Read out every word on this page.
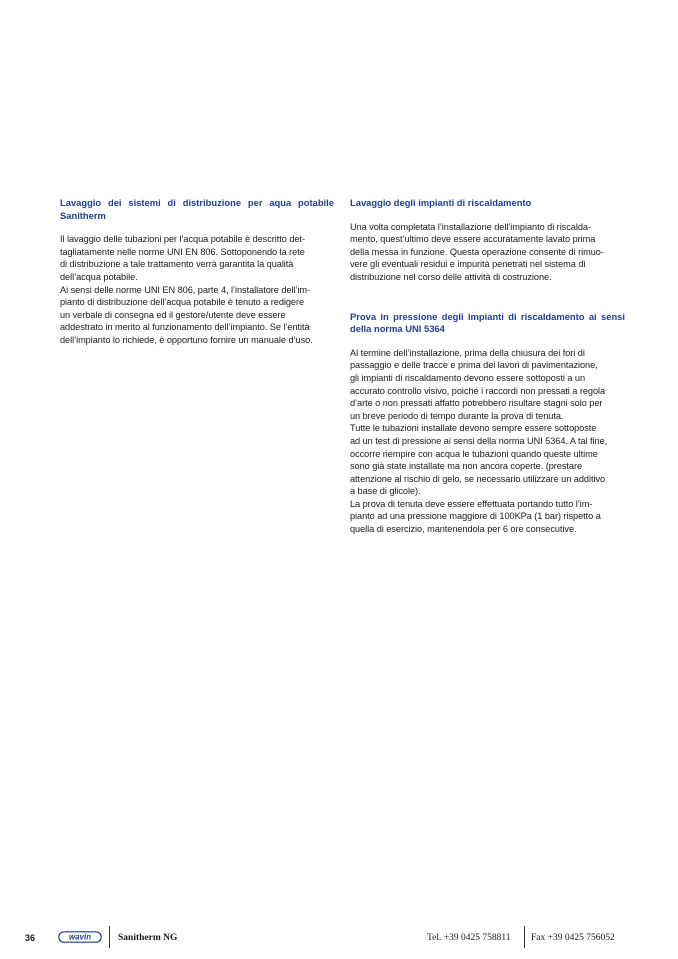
Lavaggio dei sistemi di distribuzione per aqua potabile Sanitherm
Il lavaggio delle tubazioni per l’acqua potabile è descritto det-
tagliatamente nelle norme UNI EN 806. Sottoponendo la rete
di distribuzione a tale trattamento verrà garantita la qualità
dell’acqua potabile.
Ai sensi delle norme UNI EN 806, parte 4, l’installatore dell’im-
pianto di distribuzione dell’acqua potabile è tenuto a redigere
un verbale di consegna ed il gestore/utente deve essere
addestrato in merito al funzionamento dell’impianto. Se l’entità
dell’impianto lo richiede, è opportuno fornire un manuale d’uso.
Lavaggio degli impianti di riscaldamento
Una volta completata l’installazione dell’impianto di riscalda-
mento, quest’ultimo deve essere accuratamente lavato prima
della messa in funzione. Questa operazione consente di rimuo-
vere gli eventuali residui e impurità penetrati nel sistema di
distribuzione nel corso delle attività di costruzione.
Prova in pressione degli impianti di riscaldamento ai sensi della norma UNI 5364
Al termine dell’installazione, prima della chiusura dei fori di
passaggio e delle tracce e prima dei lavori di pavimentazione,
gli impianti di riscaldamento devono essere sottoposti a un
accurato controllo visivo, poiché i raccordi non pressati a regola
d’arte o non pressati affatto potrebbero risultare stagni solo per
un breve periodo di tempo durante la prova di tenuta.
Tutte le tubazioni installate devono sempre essere sottoposte
ad un test di pressione ai sensi della norma UNI 5364. A tal fine,
occorre riempire con acqua le tubazioni quando queste ultime
sono già state installate ma non ancora coperte. (prestare
attenzione al rischio di gelo, se necessario utilizzare un additivo
a base di glicole).
La prova di tenuta deve essere effettuata portando tutto l’im-
pianto ad una pressione maggiore di 100KPa (1 bar) rispetto a
quella di esercizio, mantenendola per 6 ore consecutive.
36	wavin	Sanitherm NG	Tel. +39 0425 758811 Fax +39 0425 756052
